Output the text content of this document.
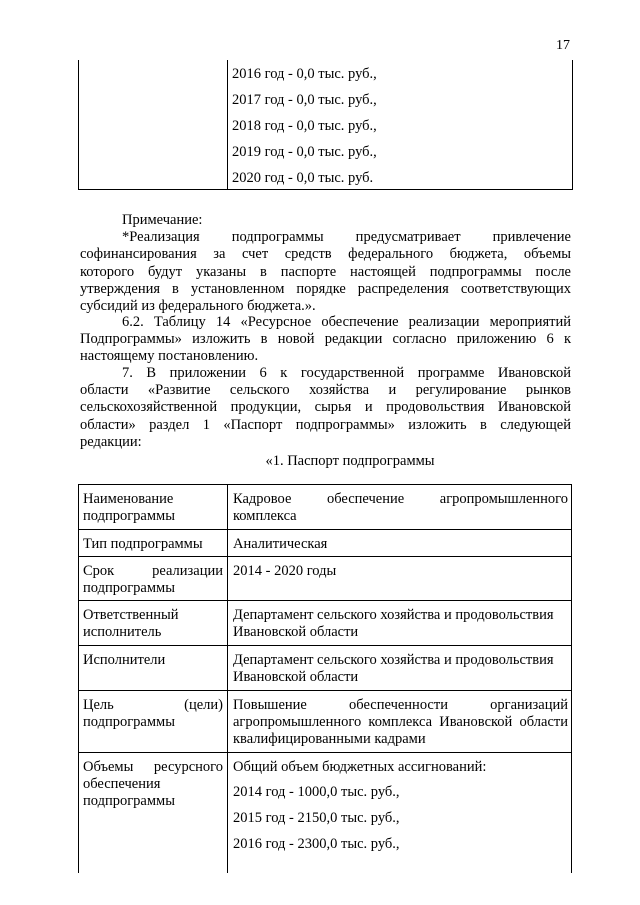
17
2016 год - 0,0 тыс. руб.,
2017 год - 0,0 тыс. руб.,
2018 год - 0,0 тыс. руб.,
2019 год - 0,0 тыс. руб.,
2020 год - 0,0 тыс. руб.
Примечание:
*Реализация подпрограммы предусматривает привлечение
софинансирования за счет средств федерального бюджета, объемы
которого будут указаны в паспорте настоящей подпрограммы после
утверждения в установленном порядке распределения соответствующих
субсидий из федерального бюджета.».
6.2. Таблицу 14 «Ресурсное обеспечение реализации мероприятий
Подпрограммы» изложить в новой редакции согласно приложению 6 к
настоящему постановлению.
7. В приложении 6 к государственной программе Ивановской
области «Развитие сельского хозяйства и регулирование рынков
сельскохозяйственной продукции, сырья и продовольствия Ивановской
области» раздел 1 «Паспорт подпрограммы» изложить в следующей
редакции:
«1. Паспорт подпрограммы
Наименование подпрограммы
Кадровое обеспечение агропромышленного комплекса
Тип подпрограммы	Аналитическая
Срок реализации подпрограммы
2014 - 2020 годы
Ответственный исполнитель
Департамент сельского хозяйства и продовольствия Ивановской области
Исполнители	Департамент сельского хозяйства и продовольствия Ивановской области
Цель (цели) подпрограммы
Повышение обеспеченности организаций агропромышленного комплекса Ивановской области квалифицированными кадрами
Объемы ресурсного обеспечения подпрограммы
Общий объем бюджетных ассигнований:
2014 год - 1000,0 тыс. руб.,
2015 год - 2150,0 тыс. руб.,
2016 год - 2300,0 тыс. руб.,
